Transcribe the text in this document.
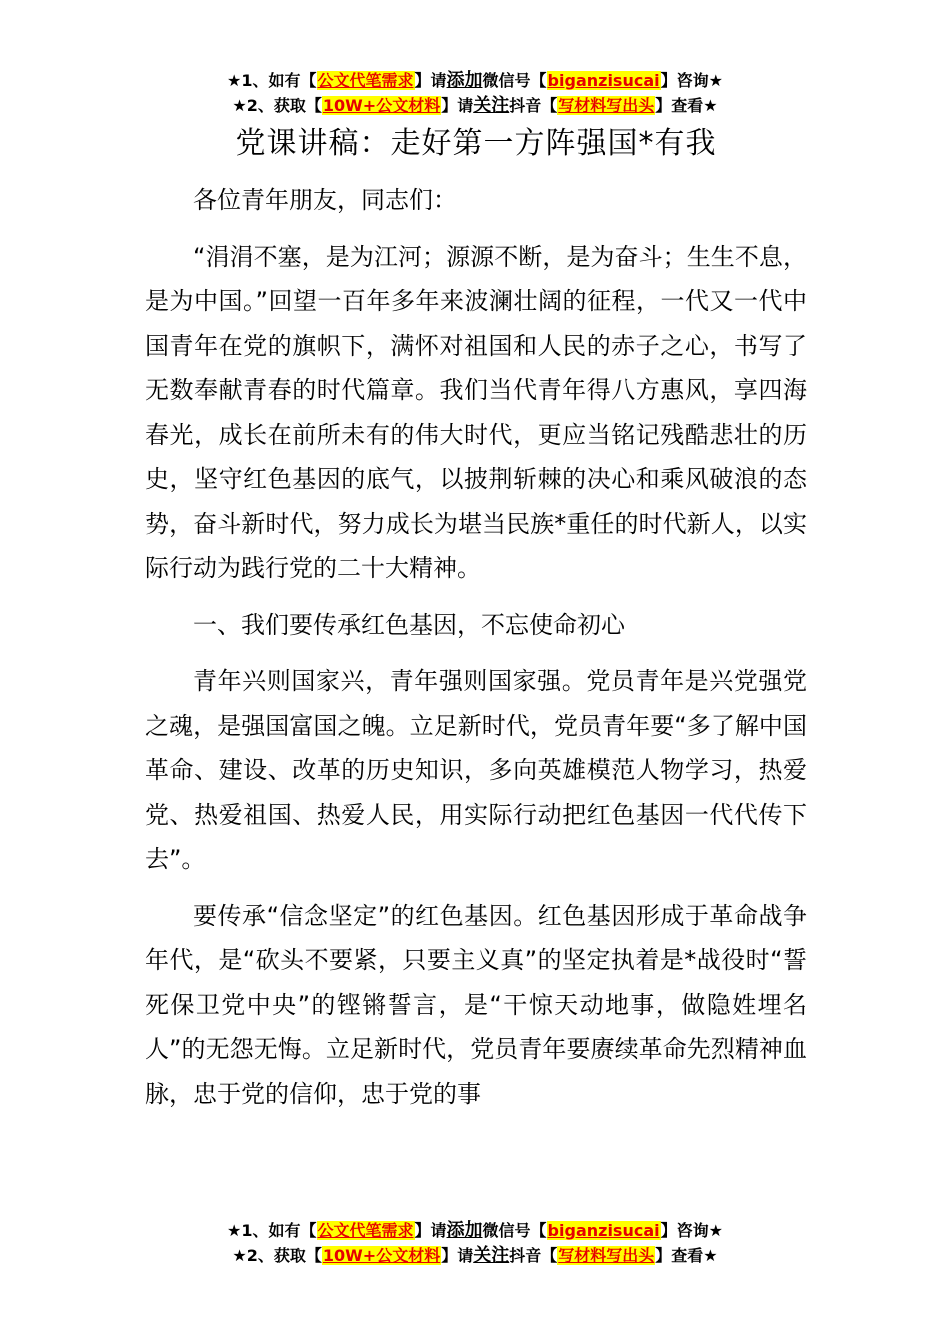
★1、如有【公文代笔需求】请添加微信号【biganzisucai】咨询★
★2、获取【10W+公文材料】请关注抖音【写材料写出头】查看★
党课讲稿：走好第一方阵强国*有我

各位青年朋友，同志们：

“涓涓不塞，是为江河；源源不断，是为奋斗；生生不息，是为中国。”回望一百年多年来波澜壮阔的征程，一代又一代中国青年在党的旗帜下，满怀对祖国和人民的赤子之心，书写了无数奉献青春的时代篇章。我们当代青年得八方惠风，享四海春光，成长在前所未有的伟大时代，更应当铭记残酷悲壮的历史，坚守红色基因的底气，以披荆斩棘的决心和乘风破浪的态势，奋斗新时代，努力成长为堪当民族*重任的时代新人，以实际行动为践行党的二十大精神。

一、我们要传承红色基因，不忘使命初心

青年兴则国家兴，青年强则国家强。党员青年是兴党强党之魂，是强国富国之魄。立足新时代，党员青年要“多了解中国革命、建设、改革的历史知识，多向英雄模范人物学习，热爱党、热爱祖国、热爱人民，用实际行动把红色基因一代代传下去”。

要传承“信念坚定”的红色基因。红色基因形成于革命战争年代，是“砍头不要紧，只要主义真”的坚定执着是*战役时“誓死保卫党中央”的铿锵誓言，是“干惊天动地事，做隐姓埋名人”的无怨无悔。立足新时代，党员青年要赓续革命先烈精神血脉，忠于党的信仰，忠于党的事

★1、如有【公文代笔需求】请添加微信号【biganzisucai】咨询★
★2、获取【10W+公文材料】请关注抖音【写材料写出头】查看★
